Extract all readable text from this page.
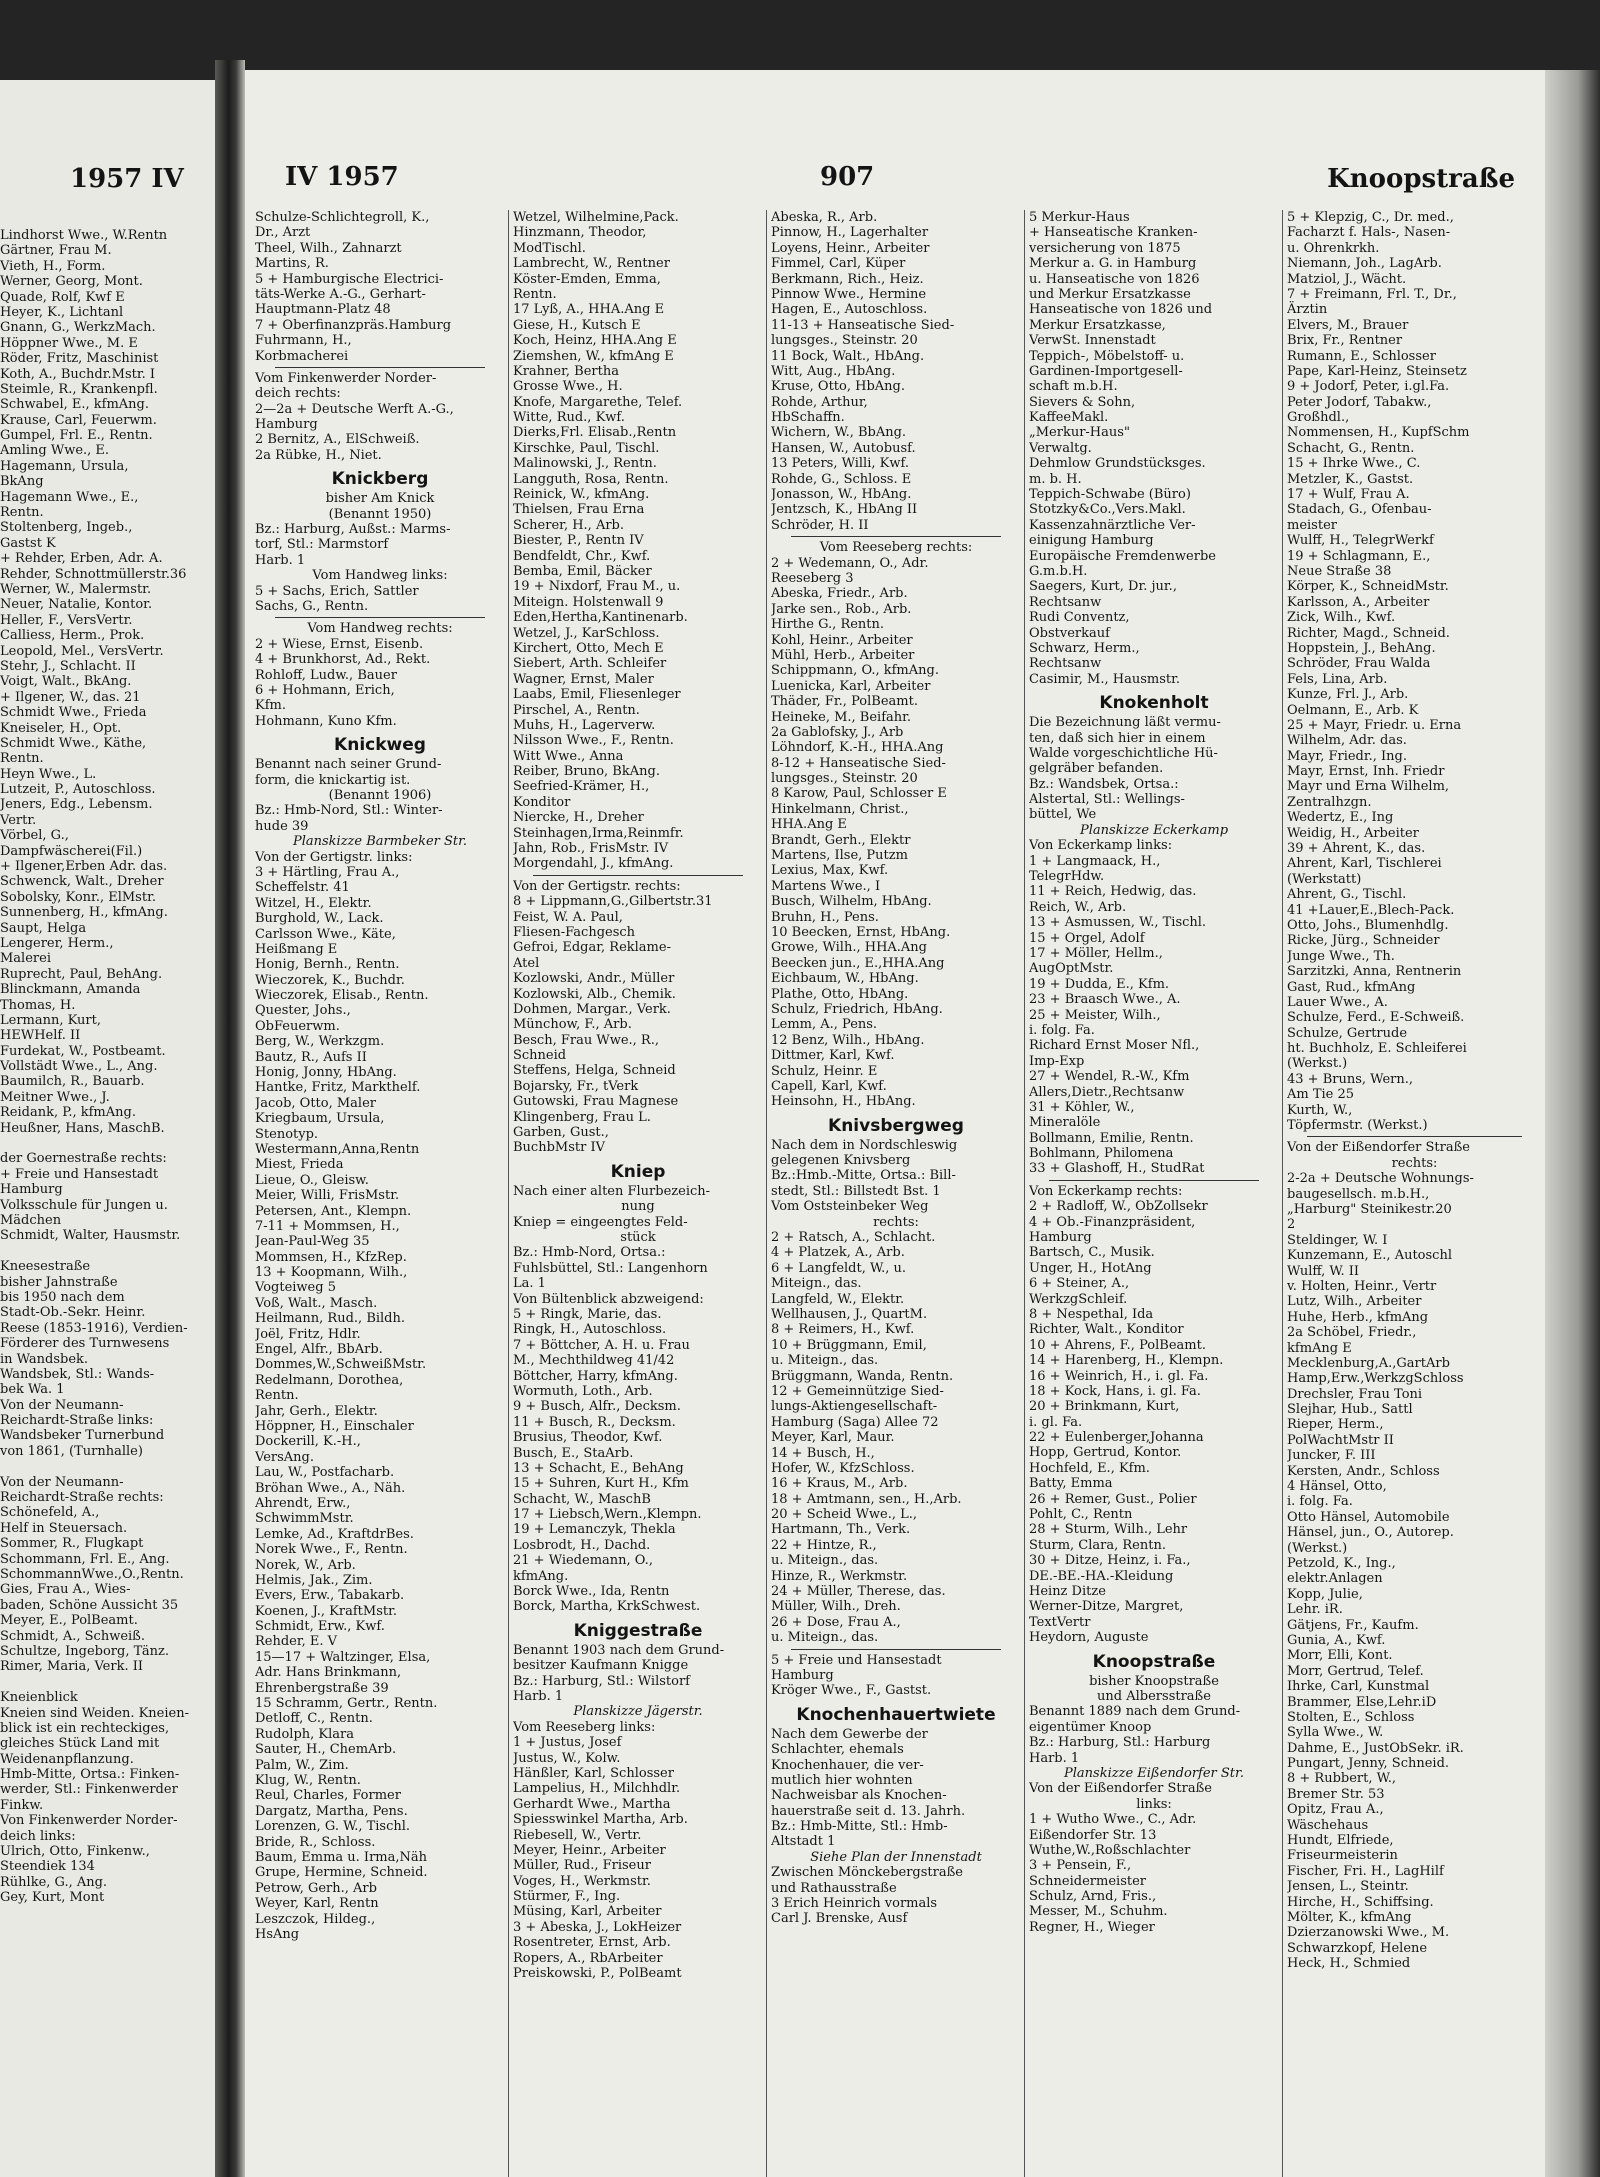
1957 IV
Lindhorst Wwe., W.Rentn
Gärtner, Frau M.
Vieth, H., Form.
Werner, Georg, Mont.
Quade, Rolf, Kwf E
Heyer, K., Lichtanl
Gnann, G., WerkzMach.
Höppner Wwe., M. E
Röder, Fritz, Maschinist
Koth, A., Buchdr.Mstr. I
Steimle, R., Krankenpfl.
Schwabel, E., kfmAng.
Krause, Carl, Feuerwm.
Gumpel, Frl. E., Rentn.
Amling Wwe., E.
Hagemann, Ursula,
BkAng
Hagemann Wwe., E.,
Rentn.
Stoltenberg, Ingeb.,
Gastst K
+ Rehder, Erben, Adr. A.
Rehder, Schnottmüllerstr.36
Werner, W., Malermstr.
Neuer, Natalie, Kontor.
Heller, F., VersVertr.
Calliess, Herm., Prok.
Leopold, Mel., VersVertr.
Stehr, J., Schlacht. II
Voigt, Walt., BkAng.
+ Ilgener, W., das. 21
Schmidt Wwe., Frieda
Kneiseler, H., Opt.
Schmidt Wwe., Käthe,
Rentn.
Heyn Wwe., L.
Lutzeit, P., Autoschloss.
Jeners, Edg., Lebensm.
Vertr.
Vörbel, G.,
Dampfwäscherei(Fil.)
+ Ilgener,Erben Adr. das.
Schwenck, Walt., Dreher
Sobolsky, Konr., ElMstr.
Sunnenberg, H., kfmAng.
Saupt, Helga
Lengerer, Herm.,
Malerei
Ruprecht, Paul, BehAng.
Blinckmann, Amanda
Thomas, H.
Lermann, Kurt,
HEWHelf. II
Furdekat, W., Postbeamt.
Vollstädt Wwe., L., Ang.
Baumilch, R., Bauarb.
Meitner Wwe., J.
Reidank, P., kfmAng.
Heußner, Hans, MaschB.
der Goernestraße rechts:
+ Freie und Hansestadt
Hamburg
Volksschule für Jungen u.
Mädchen
Schmidt, Walter, Hausmstr.
Kneesestraße
bisher Jahnstraße
bis 1950 nach dem
Stadt-Ob.-Sekr. Heinr.
Reese (1853-1916), Verdien-
Förderer des Turnwesens
in Wandsbek.
Wandsbek, Stl.: Wands-
bek Wa. 1
Von der Neumann-
Reichardt-Straße links:
Wandsbeker Turnerbund
von 1861, (Turnhalle)
Von der Neumann-
Reichardt-Straße rechts:
Schönefeld, A.,
Helf in Steuersach.
Sommer, R., Flugkapt
Schommann, Frl. E., Ang.
SchommannWwe.,O.,Rentn.
Gies, Frau A., Wies-
baden, Schöne Aussicht 35
Meyer, E., PolBeamt.
Schmidt, A., Schweiß.
Schultze, Ingeborg, Tänz.
Rimer, Maria, Verk. II
Kneienblick
Kneien sind Weiden. Kneien-
blick ist ein rechteckiges,
gleiches Stück Land mit
Weidenanpflanzung.
Hmb-Mitte, Ortsa.: Finken-
werder, Stl.: Finkenwerder
Finkw.
Von Finkenwerder Norder-
deich links:
Ulrich, Otto, Finkenw.,
Steendiek 134
Rühlke, G., Ang.
Gey, Kurt, Mont
IV 1957	907	Knoopstraße
Schulze-Schlichtegroll, K.,
Dr., Arzt
Theel, Wilh., Zahnarzt
Martins, R.
5 + Hamburgische Electrici-
täts-Werke A.-G., Gerhart-
Hauptmann-Platz 48
7 + Oberfinanzpräs.Hamburg
Fuhrmann, H.,
Korbmacherei
Vom Finkenwerder Norder-
deich rechts:
2—2a + Deutsche Werft A.-G.,
Hamburg
2 Bernitz, A., ElSchweiß.
2a Rübke, H., Niet.
Knickberg
bisher Am Knick
(Benannt 1950)
Bz.: Harburg, Außst.: Marms-
torf, Stl.: Marmstorf
Harb. 1
Vom Handweg links:
5 + Sachs, Erich, Sattler
Sachs, G., Rentn.
Vom Handweg rechts:
2 + Wiese, Ernst, Eisenb.
4 + Brunkhorst, Ad., Rekt.
Rohloff, Ludw., Bauer
6 + Hohmann, Erich,
Kfm.
Hohmann, Kuno Kfm.
Knickweg
Benannt nach seiner Grund-
form, die knickartig ist.
(Benannt 1906)
Bz.: Hmb-Nord, Stl.: Winter-
hude 39
Planskizze Barmbeker Str.
Von der Gertigstr. links:
3 + Härtling, Frau A.,
Scheffelstr. 41
Witzel, H., Elektr.
Burghold, W., Lack.
Carlsson Wwe., Käte,
Heißmang E
Honig, Bernh., Rentn.
Wieczorek, K., Buchdr.
Wieczorek, Elisab., Rentn.
Quester, Johs.,
ObFeuerwm.
Berg, W., Werkzgm.
Bautz, R., Aufs II
Honig, Jonny, HbAng.
Hantke, Fritz, Markthelf.
Jacob, Otto, Maler
Kriegbaum, Ursula,
Stenotyp.
Westermann,Anna,Rentn
Miest, Frieda
Lieue, O., Gleisw.
Meier, Willi, FrisMstr.
Petersen, Ant., Klempn.
7-11 + Mommsen, H.,
Jean-Paul-Weg 35
Mommsen, H., KfzRep.
13 + Koopmann, Wilh.,
Vogteiweg 5
Voß, Walt., Masch.
Heilmann, Rud., Bildh.
Joël, Fritz, Hdlr.
Engel, Alfr., BbArb.
Dommes,W.,SchweißMstr.
Redelmann, Dorothea,
Rentn.
Jahr, Gerh., Elektr.
Höppner, H., Einschaler
Dockerill, K.-H.,
VersAng.
Lau, W., Postfacharb.
Bröhan Wwe., A., Näh.
Ahrendt, Erw.,
SchwimmMstr.
Lemke, Ad., KraftdrBes.
Norek Wwe., F., Rentn.
Norek, W., Arb.
Helmis, Jak., Zim.
Evers, Erw., Tabakarb.
Koenen, J., KraftMstr.
Schmidt, Erw., Kwf.
Rehder, E. V
15—17 + Waltzinger, Elsa,
Adr. Hans Brinkmann,
Ehrenbergstraße 39
15 Schramm, Gertr., Rentn.
Detloff, C., Rentn.
Rudolph, Klara
Sauter, H., ChemArb.
Palm, W., Zim.
Klug, W., Rentn.
Reul, Charles, Former
Dargatz, Martha, Pens.
Lorenzen, G. W., Tischl.
Bride, R., Schloss.
Baum, Emma u. Irma,Näh
Grupe, Hermine, Schneid.
Petrow, Gerh., Arb
Weyer, Karl, Rentn
Leszczok, Hildeg.,
HsAng
Wetzel, Wilhelmine,Pack.
Hinzmann, Theodor,
ModTischl.
Lambrecht, W., Rentner
Köster-Emden, Emma,
Rentn.
17 Lyß, A., HHA.Ang E
Giese, H., Kutsch E
Koch, Heinz, HHA.Ang E
Ziemshen, W., kfmAng E
Krahner, Bertha
Grosse Wwe., H.
Knofe, Margarethe, Telef.
Witte, Rud., Kwf.
Dierks,Frl. Elisab.,Rentn
Kirschke, Paul, Tischl.
Malinowski, J., Rentn.
Langguth, Rosa, Rentn.
Reinick, W., kfmAng.
Thielsen, Frau Erna
Scherer, H., Arb.
Biester, P., Rentn IV
Bendfeldt, Chr., Kwf.
Bemba, Emil, Bäcker
19 + Nixdorf, Frau M., u.
Miteign. Holstenwall 9
Eden,Hertha,Kantinenarb.
Wetzel, J., KarSchloss.
Kirchert, Otto, Mech E
Siebert, Arth. Schleifer
Wagner, Ernst, Maler
Laabs, Emil, Fliesenleger
Pirschel, A., Rentn.
Muhs, H., Lagerverw.
Nilsson Wwe., F., Rentn.
Witt Wwe., Anna
Reiber, Bruno, BkAng.
Seefried-Krämer, H.,
Konditor
Niercke, H., Dreher
Steinhagen,Irma,Reinmfr.
Jahn, Rob., FrisMstr. IV
Morgendahl, J., kfmAng.
Von der Gertigstr. rechts:
8 + Lippmann,G.,Gilbertstr.31
Feist, W. A. Paul,
Fliesen-Fachgesch
Gefroi, Edgar, Reklame-
Atel
Kozlowski, Andr., Müller
Kozlowski, Alb., Chemik.
Dohmen, Margar., Verk.
Münchow, F., Arb.
Besch, Frau Wwe., R.,
Schneid
Steffens, Helga, Schneid
Bojarsky, Fr., tVerk
Gutowski, Frau Magnese
Klingenberg, Frau L.
Garben, Gust.,
BuchbMstr IV
Kniep
Nach einer alten Flurbezeich-
nung
Kniep = eingeengtes Feld-
stück
Bz.: Hmb-Nord, Ortsa.:
Fuhlsbüttel, Stl.: Langenhorn
La. 1
Von Bültenblick abzweigend:
5 + Ringk, Marie, das.
Ringk, H., Autoschloss.
7 + Böttcher, A. H. u. Frau
M., Mechthildweg 41/42
Böttcher, Harry, kfmAng.
Wormuth, Loth., Arb.
9 + Busch, Alfr., Decksm.
11 + Busch, R., Decksm.
Brusius, Theodor, Kwf.
Busch, E., StaArb.
13 + Schacht, E., BehAng
15 + Suhren, Kurt H., Kfm
Schacht, W., MaschB
17 + Liebsch,Wern.,Klempn.
19 + Lemanczyk, Thekla
Losbrodt, H., Dachd.
21 + Wiedemann, O.,
kfmAng.
Borck Wwe., Ida, Rentn
Borck, Martha, KrkSchwest.
Kniggestraße
Benannt 1903 nach dem Grund-
besitzer Kaufmann Knigge
Bz.: Harburg, Stl.: Wilstorf
Harb. 1
Planskizze Jägerstr.
Vom Reeseberg links:
1 + Justus, Josef
Justus, W., Kolw.
Hänßler, Karl, Schlosser
Lampelius, H., Milchhdlr.
Gerhardt Wwe., Martha
Spiesswinkel Martha, Arb.
Riebesell, W., Vertr.
Meyer, Heinr., Arbeiter
Müller, Rud., Friseur
Voges, H., Werkmstr.
Stürmer, F., Ing.
Müsing, Karl, Arbeiter
3 + Abeska, J., LokHeizer
Rosentreter, Ernst, Arb.
Ropers, A., RbArbeiter
Preiskowski, P., PolBeamt
Abeska, R., Arb.
Pinnow, H., Lagerhalter
Loyens, Heinr., Arbeiter
Fimmel, Carl, Küper
Berkmann, Rich., Heiz.
Pinnow Wwe., Hermine
Hagen, E., Autoschloss.
11-13 + Hanseatische Sied-
lungsges., Steinstr. 20
11 Bock, Walt., HbAng.
Witt, Aug., HbAng.
Kruse, Otto, HbAng.
Rohde, Arthur,
HbSchaffn.
Wichern, W., BbAng.
Hansen, W., Autobusf.
13 Peters, Willi, Kwf.
Rohde, G., Schloss. E
Jonasson, W., HbAng.
Jentzsch, K., HbAng II
Schröder, H. II
Vom Reeseberg rechts:
2 + Wedemann, O., Adr.
Reeseberg 3
Abeska, Friedr., Arb.
Jarke sen., Rob., Arb.
Hirthe G., Rentn.
Kohl, Heinr., Arbeiter
Mühl, Herb., Arbeiter
Schippmann, O., kfmAng.
Luenicka, Karl, Arbeiter
Thäder, Fr., PolBeamt.
Heineke, M., Beifahr.
2a Gablofsky, J., Arb
Löhndorf, K.-H., HHA.Ang
8-12 + Hanseatische Sied-
lungsges., Steinstr. 20
8 Karow, Paul, Schlosser E
Hinkelmann, Christ.,
HHA.Ang E
Brandt, Gerh., Elektr
Martens, Ilse, Putzm
Lexius, Max, Kwf.
Martens Wwe., I
Busch, Wilhelm, HbAng.
Bruhn, H., Pens.
10 Beecken, Ernst, HbAng.
Growe, Wilh., HHA.Ang
Beecken jun., E.,HHA.Ang
Eichbaum, W., HbAng.
Plathe, Otto, HbAng.
Schulz, Friedrich, HbAng.
Lemm, A., Pens.
12 Benz, Wilh., HbAng.
Dittmer, Karl, Kwf.
Schulz, Heinr. E
Capell, Karl, Kwf.
Heinsohn, H., HbAng.
Knivsbergweg
Nach dem in Nordschleswig
gelegenen Knivsberg
Bz.:Hmb.-Mitte, Ortsa.: Bill-
stedt, Stl.: Billstedt Bst. 1
Vom Oststeinbeker Weg
rechts:
2 + Ratsch, A., Schlacht.
4 + Platzek, A., Arb.
6 + Langfeldt, W., u.
Miteign., das.
Langfeld, W., Elektr.
Wellhausen, J., QuartM.
8 + Reimers, H., Kwf.
10 + Brüggmann, Emil,
u. Miteign., das.
Brüggmann, Wanda, Rentn.
12 + Gemeinnützige Sied-
lungs-Aktiengesellschaft-
Hamburg (Saga) Allee 72
Meyer, Karl, Maur.
14 + Busch, H.,
Hofer, W., KfzSchloss.
16 + Kraus, M., Arb.
18 + Amtmann, sen., H.,Arb.
20 + Scheid Wwe., L.,
Hartmann, Th., Verk.
22 + Hintze, R.,
u. Miteign., das.
Hinze, R., Werkmstr.
24 + Müller, Therese, das.
Müller, Wilh., Dreh.
26 + Dose, Frau A.,
u. Miteign., das.
5 + Freie und Hansestadt
Hamburg
Kröger Wwe., F., Gastst.
Knochenhauertwiete
Nach dem Gewerbe der
Schlachter, ehemals
Knochenhauer, die ver-
mutlich hier wohnten
Nachweisbar als Knochen-
hauerstraße seit d. 13. Jahrh.
Bz.: Hmb-Mitte, Stl.: Hmb-
Altstadt 1
Siehe Plan der Innenstadt
Zwischen Mönckebergstraße
und Rathausstraße
3 Erich Heinrich vormals
Carl J. Brenske, Ausf
5 Merkur-Haus
+ Hanseatische Kranken-
versicherung von 1875
Merkur a. G. in Hamburg
u. Hanseatische von 1826
und Merkur Ersatzkasse
Hanseatische von 1826 und
Merkur Ersatzkasse,
VerwSt. Innenstadt
Teppich-, Möbelstoff- u.
Gardinen-Importgesell-
schaft m.b.H.
Sievers & Sohn,
KaffeeMakl.
„Merkur-Haus"
Verwaltg.
Dehmlow Grundstücksges.
m. b. H.
Teppich-Schwabe (Büro)
Stotzky&Co.,Vers.Makl.
Kassenzahnärztliche Ver-
einigung Hamburg
Europäische Fremdenwerbe
G.m.b.H.
Saegers, Kurt, Dr. jur.,
Rechtsanw
Rudi Conventz,
Obstverkauf
Schwarz, Herm.,
Rechtsanw
Casimir, M., Hausmstr.
Knokenholt
Die Bezeichnung läßt vermu-
ten, daß sich hier in einem
Walde vorgeschichtliche Hü-
gelgräber befanden.
Bz.: Wandsbek, Ortsa.:
Alstertal, Stl.: Wellings-
büttel, We
Planskizze Eckerkamp
Von Eckerkamp links:
1 + Langmaack, H.,
TelegrHdw.
11 + Reich, Hedwig, das.
Reich, W., Arb.
13 + Asmussen, W., Tischl.
15 + Orgel, Adolf
17 + Möller, Hellm.,
AugOptMstr.
19 + Dudda, E., Kfm.
23 + Braasch Wwe., A.
25 + Meister, Wilh.,
i. folg. Fa.
Richard Ernst Moser Nfl.,
Imp-Exp
27 + Wendel, R.-W., Kfm
Allers,Dietr.,Rechtsanw
31 + Köhler, W.,
Mineralöle
Bollmann, Emilie, Rentn.
Bohlmann, Philomena
33 + Glashoff, H., StudRat
Von Eckerkamp rechts:
2 + Radloff, W., ObZollsekr
4 + Ob.-Finanzpräsident,
Hamburg
Bartsch, C., Musik.
Unger, H., HotAng
6 + Steiner, A.,
WerkzgSchleif.
8 + Nespethal, Ida
Richter, Walt., Konditor
10 + Ahrens, F., PolBeamt.
14 + Harenberg, H., Klempn.
16 + Weinrich, H., i. gl. Fa.
18 + Kock, Hans, i. gl. Fa.
20 + Brinkmann, Kurt,
i. gl. Fa.
22 + Eulenberger,Johanna
Hopp, Gertrud, Kontor.
Hochfeld, E., Kfm.
Batty, Emma
26 + Remer, Gust., Polier
Pohlt, C., Rentn
28 + Sturm, Wilh., Lehr
Sturm, Clara, Rentn.
30 + Ditze, Heinz, i. Fa.,
DE.-BE.-HA.-Kleidung
Heinz Ditze
Werner-Ditze, Margret,
TextVertr
Heydorn, Auguste
Knoopstraße
bisher Knoopstraße
und Albersstraße
Benannt 1889 nach dem Grund-
eigentümer Knoop
Bz.: Harburg, Stl.: Harburg
Harb. 1
Planskizze Eißendorfer Str.
Von der Eißendorfer Straße
links:
1 + Wutho Wwe., C., Adr.
Eißendorfer Str. 13
Wuthe,W.,Roßschlachter
3 + Pensein, F.,
Schneidermeister
Schulz, Arnd, Fris.,
Messer, M., Schuhm.
Regner, H., Wieger
5 + Klepzig, C., Dr. med.,
Facharzt f. Hals-, Nasen-
u. Ohrenkrkh.
Niemann, Joh., LagArb.
Matziol, J., Wächt.
7 + Freimann, Frl. T., Dr.,
Ärztin
Elvers, M., Brauer
Brix, Fr., Rentner
Rumann, E., Schlosser
Pape, Karl-Heinz, Steinsetz
9 + Jodorf, Peter, i.gl.Fa.
Peter Jodorf, Tabakw.,
Großhdl.,
Nommensen, H., KupfSchm
Schacht, G., Rentn.
15 + Ihrke Wwe., C.
Metzler, K., Gastst.
17 + Wulf, Frau A.
Stadach, G., Ofenbau-
meister
Wulff, H., TelegrWerkf
19 + Schlagmann, E.,
Neue Straße 38
Körper, K., SchneidMstr.
Karlsson, A., Arbeiter
Zick, Wilh., Kwf.
Richter, Magd., Schneid.
Hoppstein, J., BehAng.
Schröder, Frau Walda
Fels, Lina, Arb.
Kunze, Frl. J., Arb.
Oelmann, E., Arb. K
25 + Mayr, Friedr. u. Erna
Wilhelm, Adr. das.
Mayr, Friedr., Ing.
Mayr, Ernst, Inh. Friedr
Mayr und Erna Wilhelm,
Zentralhzgn.
Wedertz, E., Ing
Weidig, H., Arbeiter
39 + Ahrent, K., das.
Ahrent, Karl, Tischlerei
(Werkstatt)
Ahrent, G., Tischl.
41 +Lauer,E.,Blech-Pack.
Otto, Johs., Blumenhdlg.
Ricke, Jürg., Schneider
Junge Wwe., Th.
Sarzitzki, Anna, Rentnerin
Gast, Rud., kfmAng
Lauer Wwe., A.
Schulze, Ferd., E-Schweiß.
Schulze, Gertrude
ht. Buchholz, E. Schleiferei
(Werkst.)
43 + Bruns, Wern.,
Am Tie 25
Kurth, W.,
Töpfermstr. (Werkst.)
Von der Eißendorfer Straße
rechts:
2-2a + Deutsche Wohnungs-
baugesellsch. m.b.H.,
„Harburg" Steinikestr.20
2
Steldinger, W. I
Kunzemann, E., Autoschl
Wulff, W. II
v. Holten, Heinr., Vertr
Lutz, Wilh., Arbeiter
Huhe, Herb., kfmAng
2a Schöbel, Friedr.,
kfmAng E
Mecklenburg,A.,GartArb
Hamp,Erw.,WerkzgSchloss
Drechsler, Frau Toni
Slejhar, Hub., Sattl
Rieper, Herm.,
PolWachtMstr II
Juncker, F. III
Kersten, Andr., Schloss
4 Hänsel, Otto,
i. folg. Fa.
Otto Hänsel, Automobile
Hänsel, jun., O., Autorep.
(Werkst.)
Petzold, K., Ing.,
elektr.Anlagen
Kopp, Julie,
Lehr. iR.
Gätjens, Fr., Kaufm.
Gunia, A., Kwf.
Morr, Elli, Kont.
Morr, Gertrud, Telef.
Ihrke, Carl, Kunstmal
Brammer, Else,Lehr.iD
Stolten, E., Schloss
Sylla Wwe., W.
Dahme, E., JustObSekr. iR.
Pungart, Jenny, Schneid.
8 + Rubbert, W.,
Bremer Str. 53
Opitz, Frau A.,
Wäschehaus
Hundt, Elfriede,
Friseurmeisterin
Fischer, Fri. H., LagHilf
Jensen, L., Steintr.
Hirche, H., Schiffsing.
Mölter, K., kfmAng
Dzierzanowski Wwe., M.
Schwarzkopf, Helene
Heck, H., Schmied
